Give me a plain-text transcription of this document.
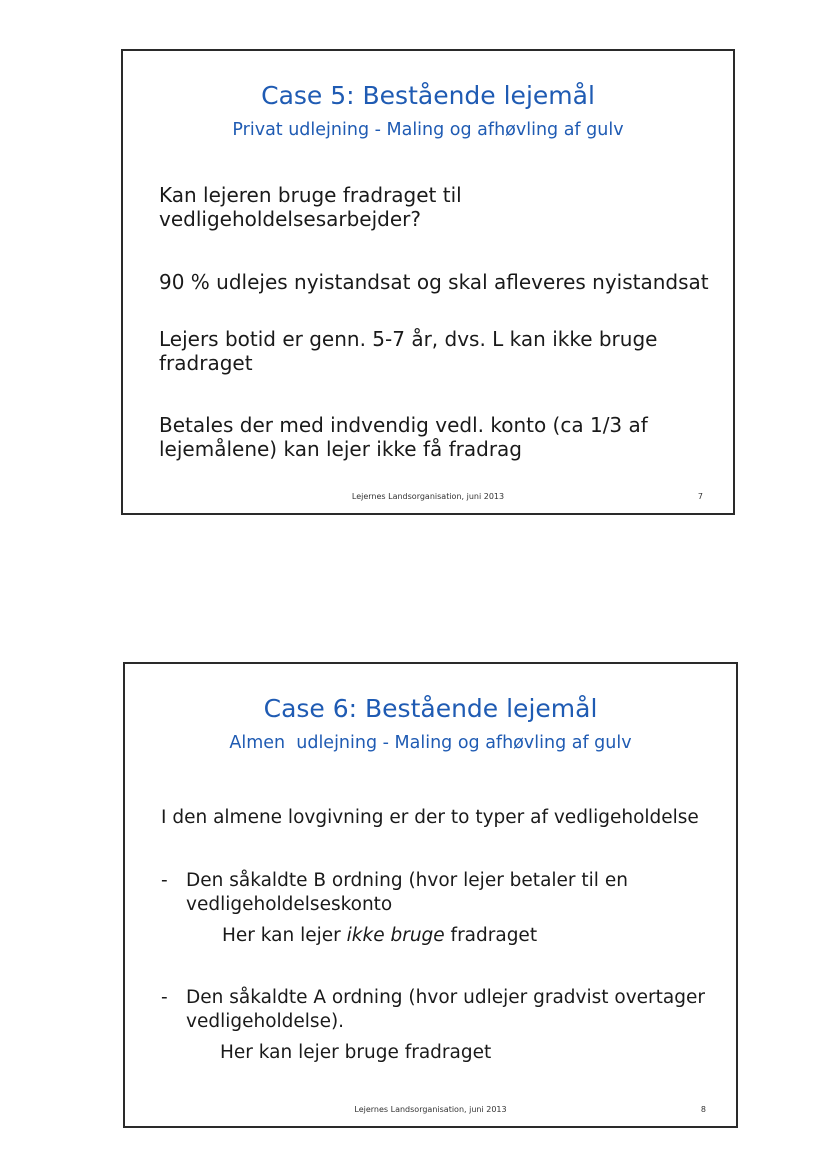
Case 5: Bestående lejemål
Privat udlejning - Maling og afhøvling af gulv
Kan lejeren bruge fradraget til vedligeholdelsesarbejder?
90 % udlejes nyistandsat og skal afleveres nyistandsat
Lejers botid er genn. 5-7 år, dvs. L kan ikke bruge fradraget
Betales der med indvendig vedl. konto (ca 1/3 af lejemålene) kan lejer ikke få fradrag
Lejernes Landsorganisation, juni 2013	7
Case 6: Bestående lejemål
Almen  udlejning - Maling og afhøvling af gulv
I den almene lovgivning er der to typer af vedligeholdelse
- Den såkaldte B ordning (hvor lejer betaler til en vedligeholdelseskonto
Her kan lejer ikke bruge fradraget
- Den såkaldte A ordning (hvor udlejer gradvist overtager vedligeholdelse).
Her kan lejer bruge fradraget
Lejernes Landsorganisation, juni 2013	8
